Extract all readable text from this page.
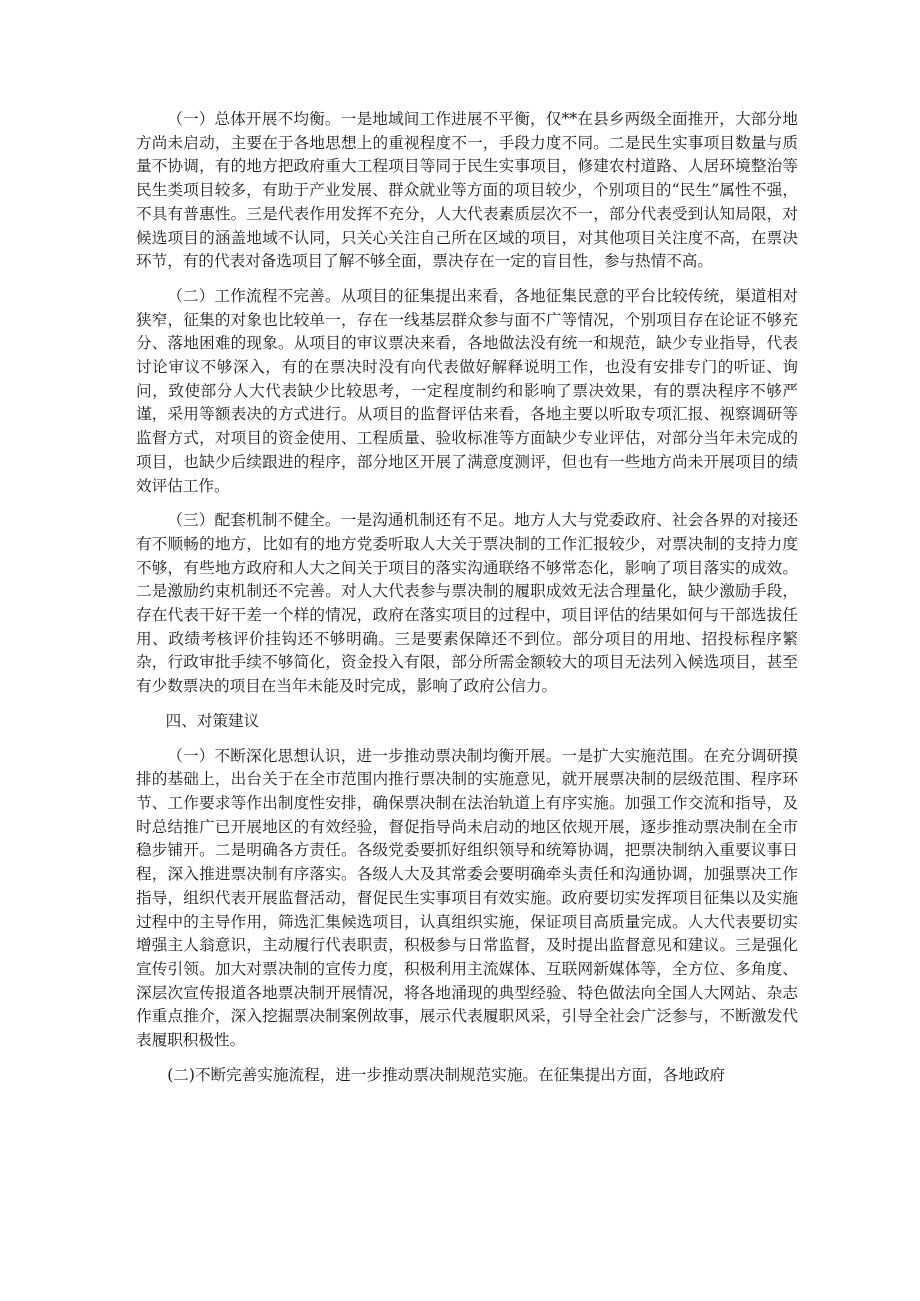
（一）总体开展不均衡。一是地域间工作进展不平衡，仅**在县乡两级全面推开，大部分地方尚未启动，主要在于各地思想上的重视程度不一，手段力度不同。二是民生实事项目数量与质量不协调，有的地方把政府重大工程项目等同于民生实事项目，修建农村道路、人居环境整治等民生类项目较多，有助于产业发展、群众就业等方面的项目较少，个别项目的“民生”属性不强，不具有普惠性。三是代表作用发挥不充分，人大代表素质层次不一，部分代表受到认知局限，对候选项目的涵盖地域不认同，只关心关注自己所在区域的项目，对其他项目关注度不高，在票决环节，有的代表对备选项目了解不够全面，票决存在一定的盲目性，参与热情不高。

（二）工作流程不完善。从项目的征集提出来看，各地征集民意的平台比较传统，渠道相对狭窄，征集的对象也比较单一，存在一线基层群众参与面不广等情况，个别项目存在论证不够充分、落地困难的现象。从项目的审议票决来看，各地做法没有统一和规范，缺少专业指导，代表讨论审议不够深入，有的在票决时没有向代表做好解释说明工作，也没有安排专门的听证、询问，致使部分人大代表缺少比较思考，一定程度制约和影响了票决效果，有的票决程序不够严谨，采用等额表决的方式进行。从项目的监督评估来看，各地主要以听取专项汇报、视察调研等监督方式，对项目的资金使用、工程质量、验收标准等方面缺少专业评估，对部分当年未完成的项目，也缺少后续跟进的程序，部分地区开展了满意度测评，但也有一些地方尚未开展项目的绩效评估工作。

（三）配套机制不健全。一是沟通机制还有不足。地方人大与党委政府、社会各界的对接还有不顺畅的地方，比如有的地方党委听取人大关于票决制的工作汇报较少，对票决制的支持力度不够，有些地方政府和人大之间关于项目的落实沟通联络不够常态化，影响了项目落实的成效。二是激励约束机制还不完善。对人大代表参与票决制的履职成效无法合理量化，缺少激励手段，存在代表干好干差一个样的情况，政府在落实项目的过程中，项目评估的结果如何与干部选拔任用、政绩考核评价挂钩还不够明确。三是要素保障还不到位。部分项目的用地、招投标程序繁杂，行政审批手续不够简化，资金投入有限，部分所需金额较大的项目无法列入候选项目，甚至有少数票决的项目在当年未能及时完成，影响了政府公信力。

四、对策建议

（一）不断深化思想认识，进一步推动票决制均衡开展。一是扩大实施范围。在充分调研摸排的基础上，出台关于在全市范围内推行票决制的实施意见，就开展票决制的层级范围、程序环节、工作要求等作出制度性安排，确保票决制在法治轨道上有序实施。加强工作交流和指导，及时总结推广已开展地区的有效经验，督促指导尚未启动的地区依规开展，逐步推动票决制在全市稳步铺开。二是明确各方责任。各级党委要抓好组织领导和统筹协调，把票决制纳入重要议事日程，深入推进票决制有序落实。各级人大及其常委会要明确牵头责任和沟通协调，加强票决工作指导，组织代表开展监督活动，督促民生实事项目有效实施。政府要切实发挥项目征集以及实施过程中的主导作用，筛选汇集候选项目，认真组织实施，保证项目高质量完成。人大代表要切实增强主人翁意识，主动履行代表职责，积极参与日常监督，及时提出监督意见和建议。三是强化宣传引领。加大对票决制的宣传力度，积极利用主流媒体、互联网新媒体等，全方位、多角度、深层次宣传报道各地票决制开展情况，将各地涌现的典型经验、特色做法向全国人大网站、杂志作重点推介，深入挖掘票决制案例故事，展示代表履职风采，引导全社会广泛参与，不断激发代表履职积极性。

(二)不断完善实施流程，进一步推动票决制规范实施。在征集提出方面，各地政府
